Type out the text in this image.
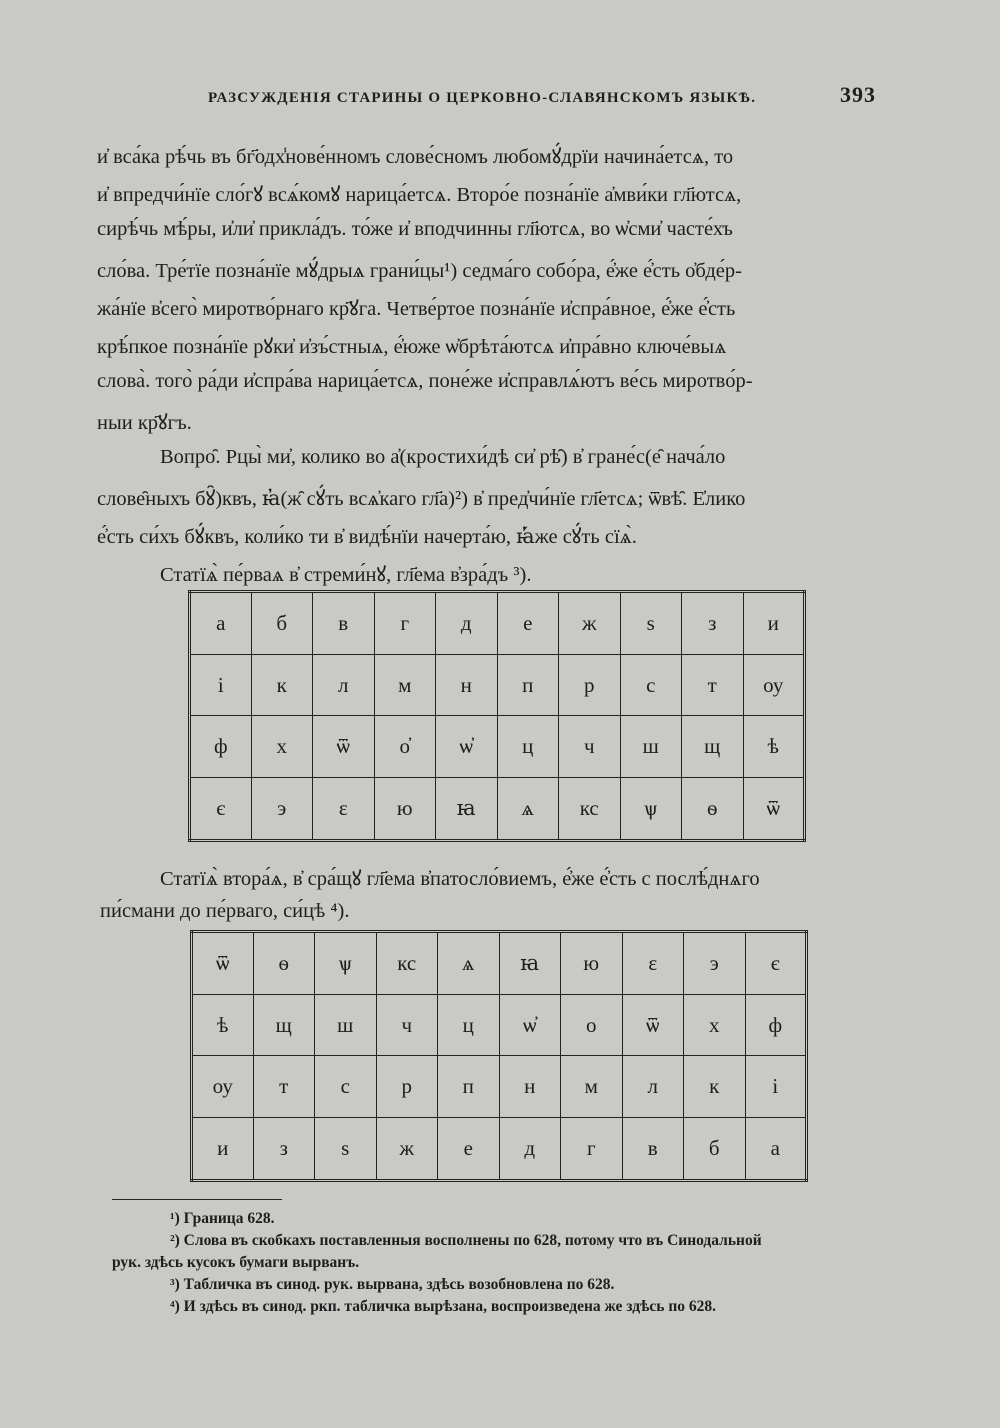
РАЗСУЖДЕНІЯ СТАРИНЫ О ЦЕРКОВНО-СЛАВЯНСКОМЪ ЯЗЫКѢ.	393
и̓ вса́ка рѣ́чь въ бг҃одх̾нове́нномъ слове́сномъ любомꙋ́дрїи начина́етсѧ, то
и̓ впредчи́нїе сло́гꙋ всѧ́комꙋ нарица́етсѧ. Второ́е позна́нїе а̓мви́ки гл҃ютсѧ,
сирѣ́чь мѣ́ры, и̓ли̓ прикла́дъ. то́же и̓ вподчинны гл҃ютсѧ, во ѡ̓сми̓ часте́хъ
сло́ва. Тре́тїе позна́нїе мꙋ́дрыѧ грани́цы¹) седма́го собо́ра, е̓́же е̓́сть о̓бде́р-
жа́нїе в̓сего̀ миротво́рнаго кр҃ꙋга. Четве́ртое позна́нїе и̓спра́вное, е̓́же е̓́сть
крѣ́пкое позна́нїе рꙋки̓ и̓зъ́стныѧ, е̓́юже ѡ̓брѣта́ютсѧ и̓пра́вно ключе́выѧ
слова̀. того̀ ра́ди и̓спра́ва нарица́етсѧ, поне́же и̓справлѧ́ютъ ве́сь миротво́р-
ныи кр҃ꙋгъ.
Вопро̑. Рцы̀ ми̓, колико во а̓(кростихи́дѣ си̓ рѣ̑) в̓ гране́с(е̑ нача́ло
слове̑ныхъ бꙋ̑)квъ, ꙗ̓(ж̑ сꙋ́ть всѧ̓каго гл҃а)²) в̓ пред̓чи́нїе гл҃етсѧ; ѿвѣ̑. Е̓лико
е̓́сть си́хъ бꙋ́квъ, коли́ко ти в̓ видѣ́нїи начерта́ю, ꙗ̓́же сꙋ́ть сїѧ̀.
Статїѧ̀ пе́рваѧ в̓ стреми́нꙋ, гл҃ема в̓зра́дъ ³).
а	б	в	г	д	е	ж	ѕ	з	и
і	к	л	м	н	п	р	с	т	оу
ф	х	ѿ	о̓	ѡ̓	ц	ч	ш	щ	ѣ
є	э	ε	ю	ꙗ	ѧ	кс	ѱ	ѳ	ѿ
Статїѧ̀ втора́ѧ, в̓ сра́щꙋ гл҃ема в̓патосло́виемъ, е̓́же е̓́сть с послѣ́днѧго
пи́смани до пе́рваго, си́цѣ ⁴).
ѿ	ѳ	ѱ	кс	ѧ	ꙗ	ю	ε	э	є
ѣ	щ	ш	ч	ц	ѡ̓	о	ѿ	х	ф
оу	т	с	р	п	н	м	л	к	і
и	з	ѕ	ж	е	д	г	в	б	а
¹) Граница 628.
²) Слова въ скобкахъ поставленныя восполнены по 628, потому что въ Синодальной
рук. здѣсь кусокъ бумаги вырванъ.
³) Табличка въ синод. рук. вырвана, здѣсь возобновлена по 628.
⁴) И здѣсь въ синод. ркп. табличка вырѣзана, воспроизведена же здѣсь по 628.
